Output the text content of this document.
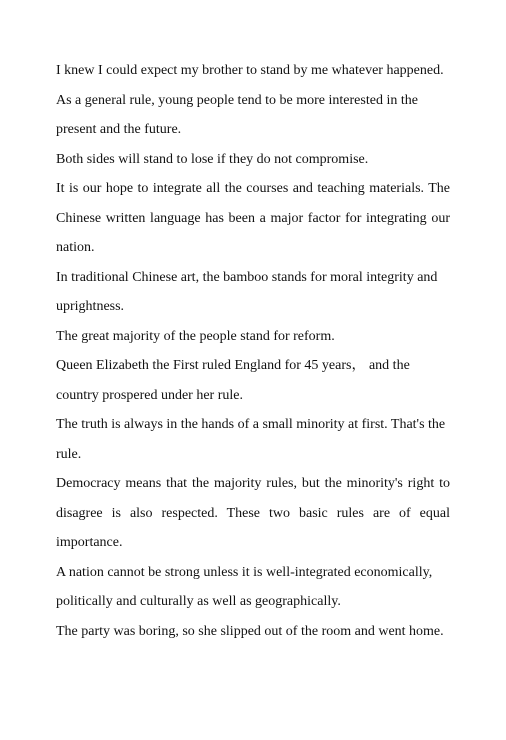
I knew I could expect my brother to stand by me whatever happened.

As a general rule, young people tend to be more interested in the present and the future.

Both sides will stand to lose if they do not compromise.

It is our hope to integrate all the courses and teaching materials. The Chinese written language has been a major factor for integrating our nation.

In traditional Chinese art, the bamboo stands for moral integrity and uprightness.

The great majority of the people stand for reform.

Queen Elizabeth the First ruled England for 45 years， and the country prospered under her rule.

The truth is always in the hands of a small minority at first. That's the rule.

Democracy means that the majority rules, but the minority's right to disagree is also respected. These two basic rules are of equal importance.

A nation cannot be strong unless it is well-integrated economically, politically and culturally as well as geographically.

The party was boring, so she slipped out of the room and went home.
